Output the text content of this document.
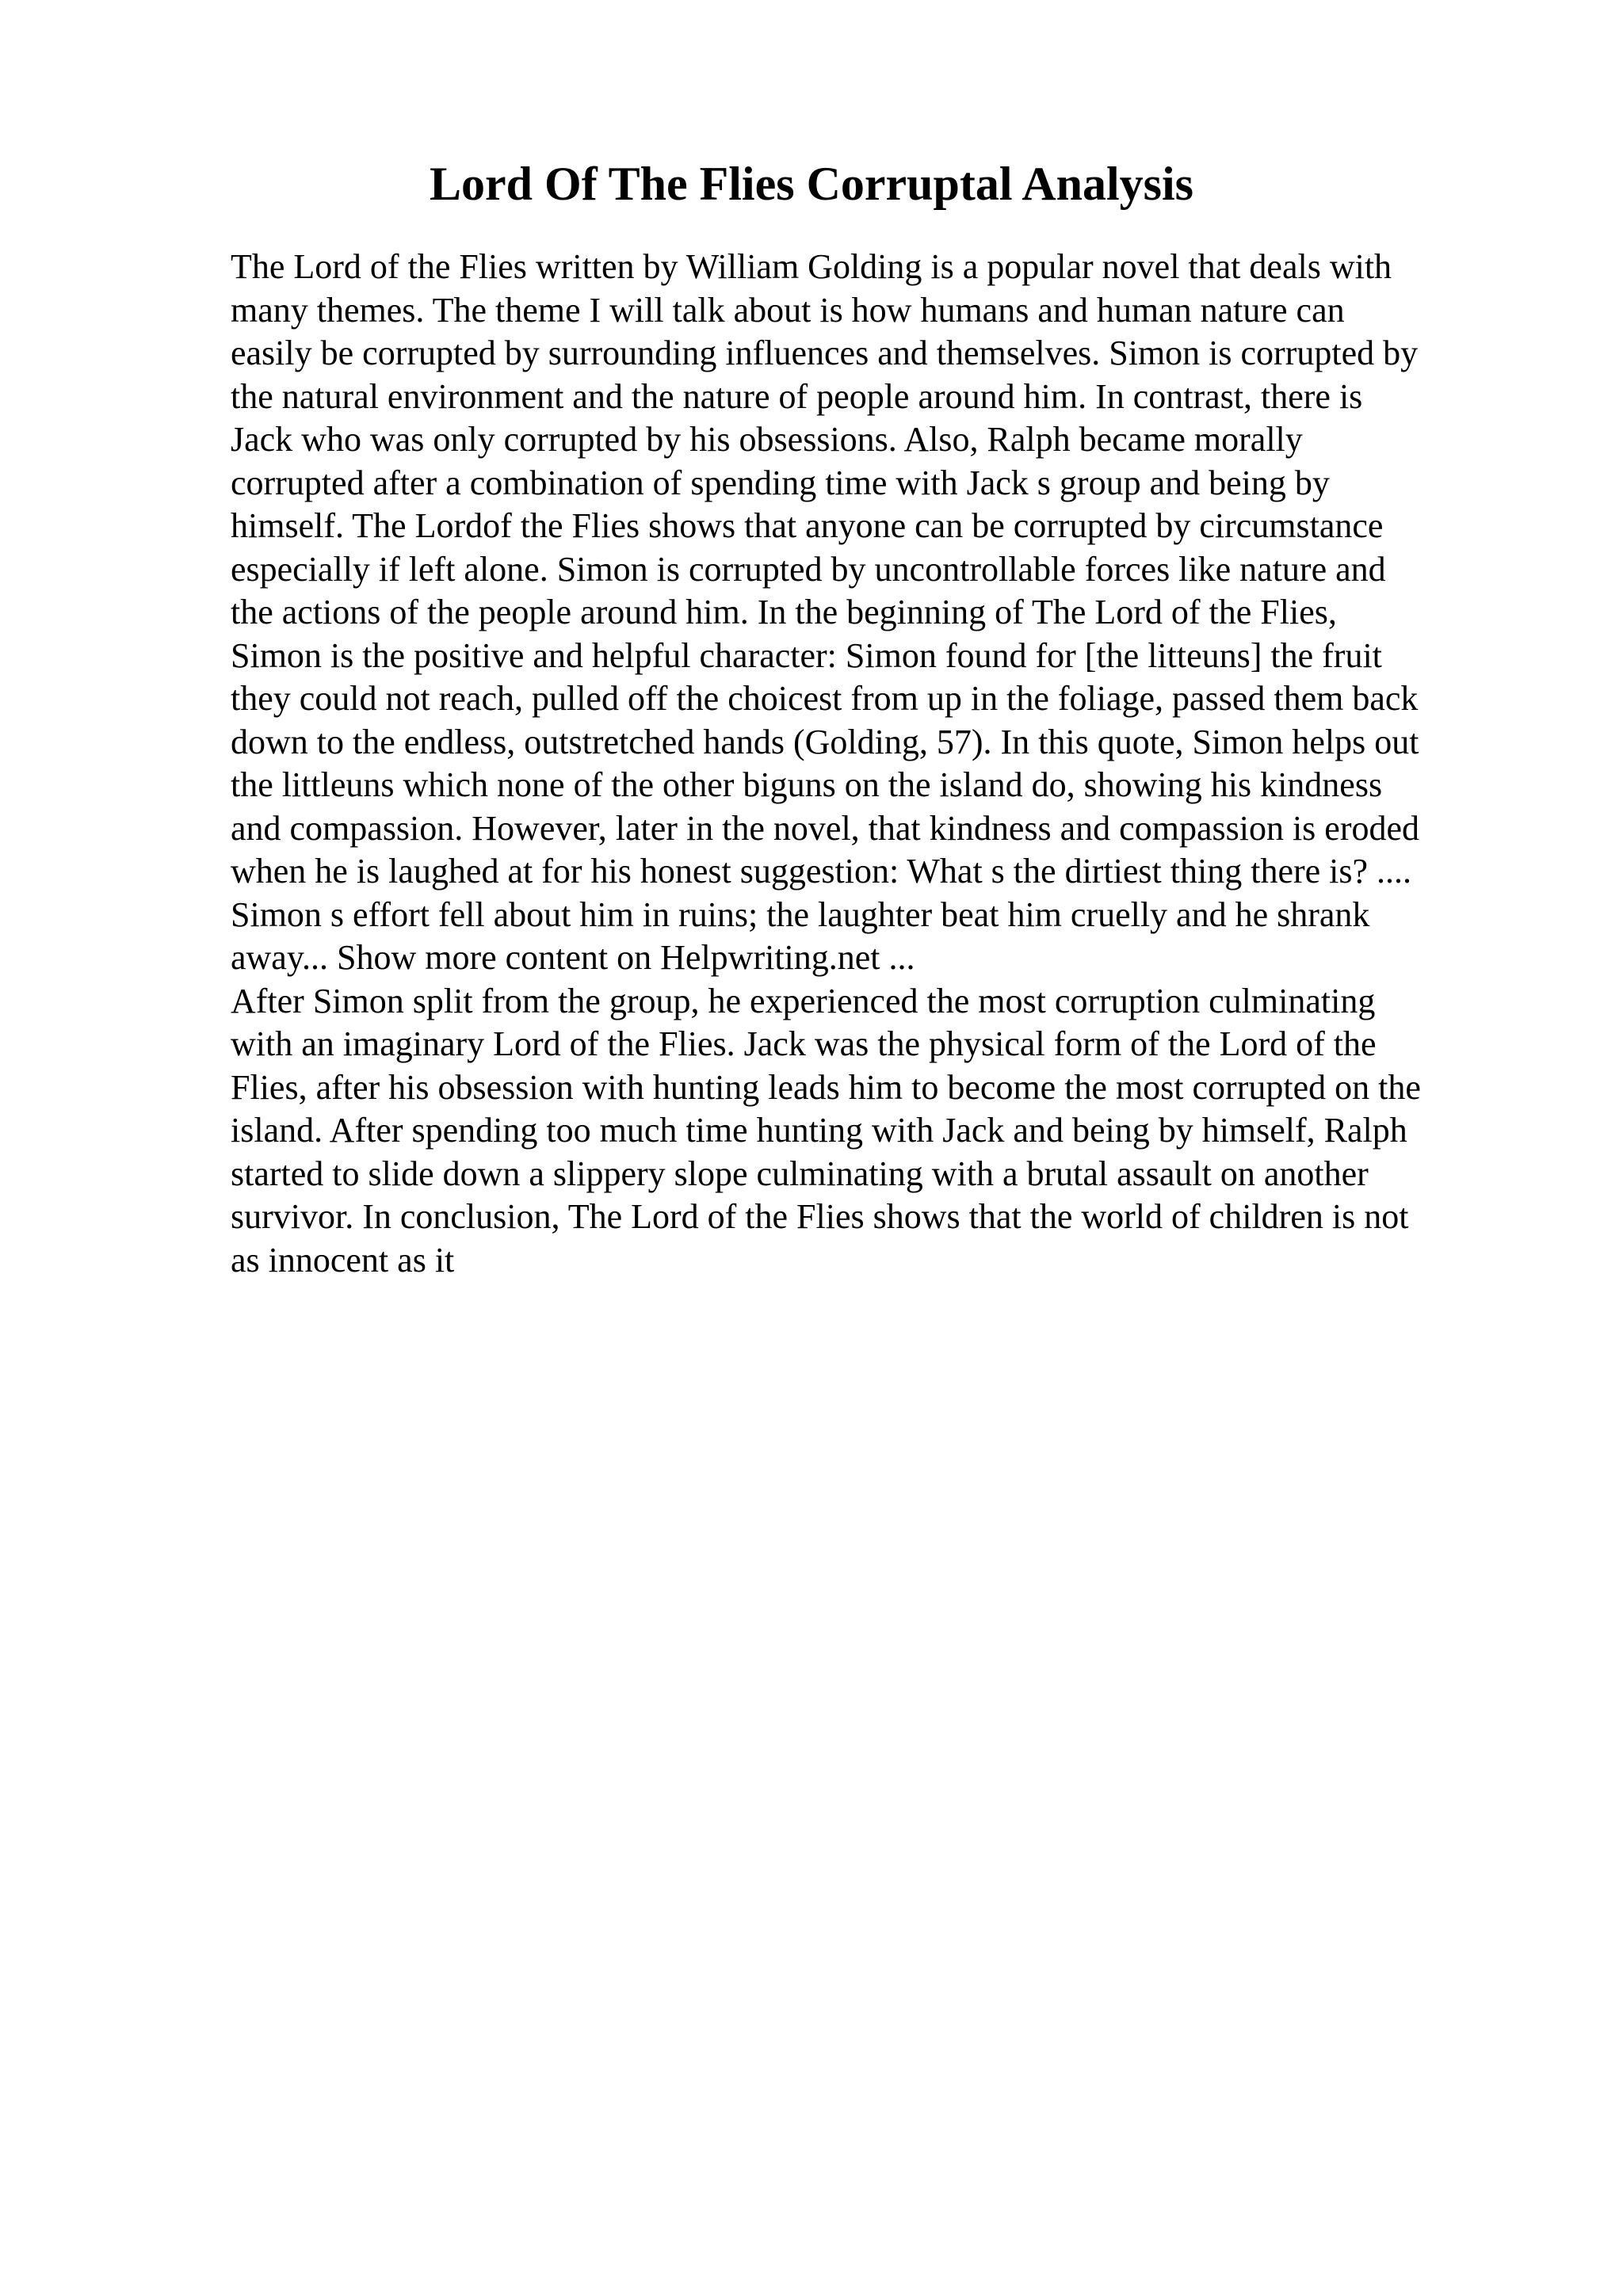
Lord Of The Flies Corruptal Analysis
The Lord of the Flies written by William Golding is a popular novel that deals with
many themes. The theme I will talk about is how humans and human nature can
easily be corrupted by surrounding influences and themselves. Simon is corrupted by
the natural environment and the nature of people around him. In contrast, there is
Jack who was only corrupted by his obsessions. Also, Ralph became morally
corrupted after a combination of spending time with Jack s group and being by
himself. The Lordof the Flies shows that anyone can be corrupted by circumstance
especially if left alone. Simon is corrupted by uncontrollable forces like nature and
the actions of the people around him. In the beginning of The Lord of the Flies,
Simon is the positive and helpful character: Simon found for [the litteuns] the fruit
they could not reach, pulled off the choicest from up in the foliage, passed them back
down to the endless, outstretched hands (Golding, 57). In this quote, Simon helps out
the littleuns which none of the other biguns on the island do, showing his kindness
and compassion. However, later in the novel, that kindness and compassion is eroded
when he is laughed at for his honest suggestion: What s the dirtiest thing there is? ....
Simon s effort fell about him in ruins; the laughter beat him cruelly and he shrank
away... Show more content on Helpwriting.net ...
After Simon split from the group, he experienced the most corruption culminating
with an imaginary Lord of the Flies. Jack was the physical form of the Lord of the
Flies, after his obsession with hunting leads him to become the most corrupted on the
island. After spending too much time hunting with Jack and being by himself, Ralph
started to slide down a slippery slope culminating with a brutal assault on another
survivor. In conclusion, The Lord of the Flies shows that the world of children is not
as innocent as it
